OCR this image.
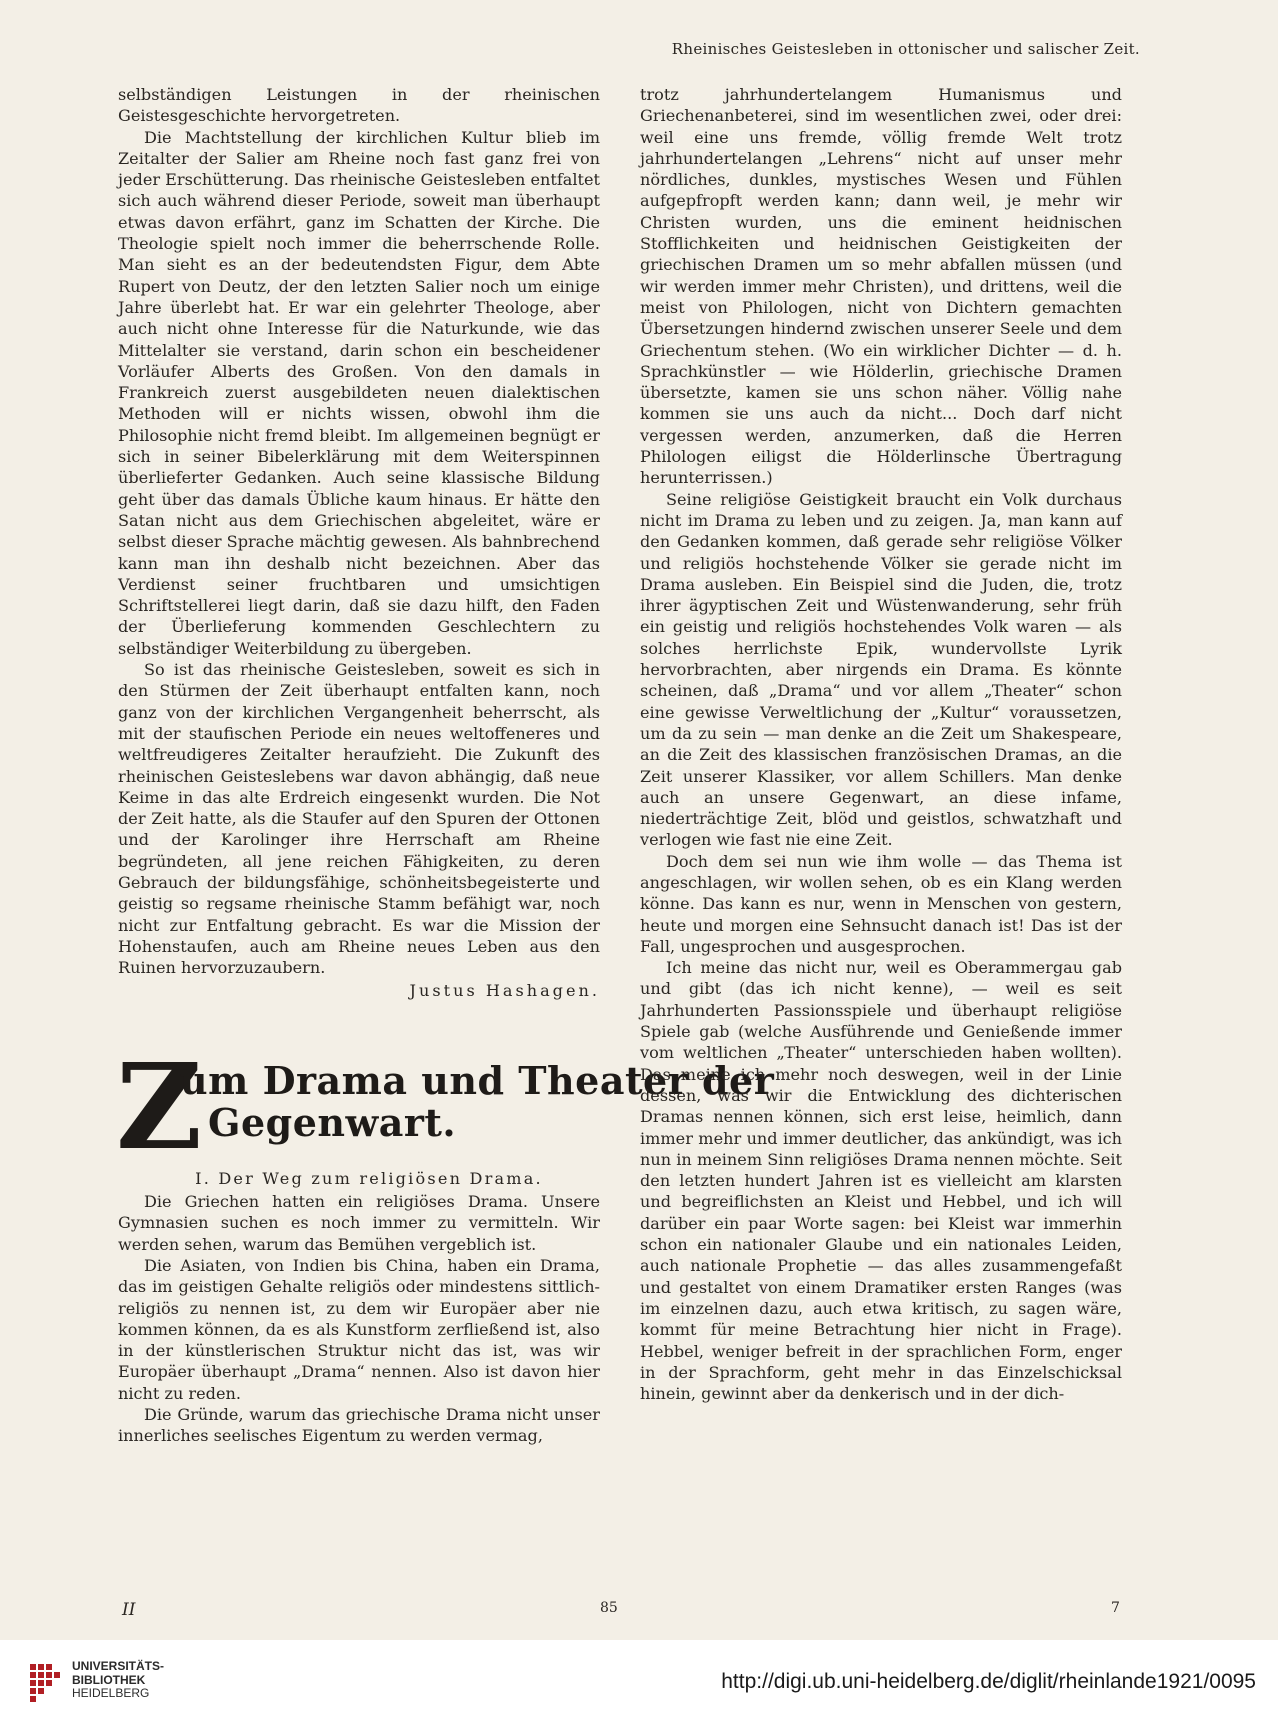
Rheinisches Geistesleben in ottonischer und salischer Zeit.

selbständigen Leistungen in der rheinischen Geistesgeschichte hervorgetreten.

Die Machtstellung der kirchlichen Kultur blieb im Zeitalter der Salier am Rheine noch fast ganz frei von jeder Erschütterung. Das rheinische Geistesleben entfaltet sich auch während dieser Periode, soweit man überhaupt etwas davon erfährt, ganz im Schatten der Kirche. Die Theologie spielt noch immer die beherrschende Rolle. Man sieht es an der bedeutendsten Figur, dem Abte Rupert von Deutz, der den letzten Salier noch um einige Jahre überlebt hat. Er war ein gelehrter Theologe, aber auch nicht ohne Interesse für die Naturkunde, wie das Mittelalter sie verstand, darin schon ein bescheidener Vorläufer Alberts des Großen. Von den damals in Frankreich zuerst ausgebildeten neuen dialektischen Methoden will er nichts wissen, obwohl ihm die Philosophie nicht fremd bleibt. Im allgemeinen begnügt er sich in seiner Bibelerklärung mit dem Weiterspinnen überlieferter Gedanken. Auch seine klassische Bildung geht über das damals Übliche kaum hinaus. Er hätte den Satan nicht aus dem Griechischen abgeleitet, wäre er selbst dieser Sprache mächtig gewesen. Als bahnbrechend kann man ihn deshalb nicht bezeichnen. Aber das Verdienst seiner fruchtbaren und umsichtigen Schriftstellerei liegt darin, daß sie dazu hilft, den Faden der Überlieferung kommenden Geschlechtern zu selbständiger Weiterbildung zu übergeben.

So ist das rheinische Geistesleben, soweit es sich in den Stürmen der Zeit überhaupt entfalten kann, noch ganz von der kirchlichen Vergangenheit beherrscht, als mit der staufischen Periode ein neues weltoffeneres und weltfreudigeres Zeitalter heraufzieht. Die Zukunft des rheinischen Geisteslebens war davon abhängig, daß neue Keime in das alte Erdreich eingesenkt wurden. Die Not der Zeit hatte, als die Staufer auf den Spuren der Ottonen und der Karolinger ihre Herrschaft am Rheine begründeten, all jene reichen Fähigkeiten, zu deren Gebrauch der bildungsfähige, schönheitsbegeisterte und geistig so regsame rheinische Stamm befähigt war, noch nicht zur Entfaltung gebracht. Es war die Mission der Hohenstaufen, auch am Rheine neues Leben aus den Ruinen hervorzuzaubern.

Justus Hashagen.
Z
um Drama und Theater der
Gegenwart.
I. Der Weg zum religiösen Drama.

Die Griechen hatten ein religiöses Drama. Unsere Gymnasien suchen es noch immer zu vermitteln. Wir werden sehen, warum das Bemühen vergeblich ist.

Die Asiaten, von Indien bis China, haben ein Drama, das im geistigen Gehalte religiös oder mindestens sittlich-religiös zu nennen ist, zu dem wir Europäer aber nie kommen können, da es als Kunstform zerfließend ist, also in der künstlerischen Struktur nicht das ist, was wir Europäer überhaupt „Drama“ nennen. Also ist davon hier nicht zu reden.

Die Gründe, warum das griechische Drama nicht unser innerliches seelisches Eigentum zu werden vermag,

trotz jahrhundertelangem Humanismus und Griechenanbeterei, sind im wesentlichen zwei, oder drei: weil eine uns fremde, völlig fremde Welt trotz jahrhundertelangen „Lehrens“ nicht auf unser mehr nördliches, dunkles, mystisches Wesen und Fühlen aufgepfropft werden kann; dann weil, je mehr wir Christen wurden, uns die eminent heidnischen Stofflichkeiten und heidnischen Geistigkeiten der griechischen Dramen um so mehr abfallen müssen (und wir werden immer mehr Christen), und drittens, weil die meist von Philologen, nicht von Dichtern gemachten Übersetzungen hindernd zwischen unserer Seele und dem Griechentum stehen. (Wo ein wirklicher Dichter — d. h. Sprachkünstler — wie Hölderlin, griechische Dramen übersetzte, kamen sie uns schon näher. Völlig nahe kommen sie uns auch da nicht... Doch darf nicht vergessen werden, anzumerken, daß die Herren Philologen eiligst die Hölderlinsche Übertragung herunterrissen.)

Seine religiöse Geistigkeit braucht ein Volk durchaus nicht im Drama zu leben und zu zeigen. Ja, man kann auf den Gedanken kommen, daß gerade sehr religiöse Völker und religiös hochstehende Völker sie gerade nicht im Drama ausleben. Ein Beispiel sind die Juden, die, trotz ihrer ägyptischen Zeit und Wüstenwanderung, sehr früh ein geistig und religiös hochstehendes Volk waren — als solches herrlichste Epik, wundervollste Lyrik hervorbrachten, aber nirgends ein Drama. Es könnte scheinen, daß „Drama“ und vor allem „Theater“ schon eine gewisse Verweltlichung der „Kultur“ voraussetzen, um da zu sein — man denke an die Zeit um Shakespeare, an die Zeit des klassischen französischen Dramas, an die Zeit unserer Klassiker, vor allem Schillers. Man denke auch an unsere Gegenwart, an diese infame, niederträchtige Zeit, blöd und geistlos, schwatzhaft und verlogen wie fast nie eine Zeit.

Doch dem sei nun wie ihm wolle — das Thema ist angeschlagen, wir wollen sehen, ob es ein Klang werden könne. Das kann es nur, wenn in Menschen von gestern, heute und morgen eine Sehnsucht danach ist! Das ist der Fall, ungesprochen und ausgesprochen.

Ich meine das nicht nur, weil es Oberammergau gab und gibt (das ich nicht kenne), — weil es seit Jahrhunderten Passionsspiele und überhaupt religiöse Spiele gab (welche Ausführende und Genießende immer vom weltlichen „Theater“ unterschieden haben wollten). Das meine ich mehr noch deswegen, weil in der Linie dessen, was wir die Entwicklung des dichterischen Dramas nennen können, sich erst leise, heimlich, dann immer mehr und immer deutlicher, das ankündigt, was ich nun in meinem Sinn religiöses Drama nennen möchte. Seit den letzten hundert Jahren ist es vielleicht am klarsten und begreiflichsten an Kleist und Hebbel, und ich will darüber ein paar Worte sagen: bei Kleist war immerhin schon ein nationaler Glaube und ein nationales Leiden, auch nationale Prophetie — das alles zusammengefaßt und gestaltet von einem Dramatiker ersten Ranges (was im einzelnen dazu, auch etwa kritisch, zu sagen wäre, kommt für meine Betrachtung hier nicht in Frage). Hebbel, weniger befreit in der sprachlichen Form, enger in der Sprachform, geht mehr in das Einzelschicksal hinein, gewinnt aber da denkerisch und in der dich-

II	85	7
UNIVERSITÄTS-
BIBLIOTHEK
HEIDELBERG	http://digi.ub.uni-heidelberg.de/diglit/rheinlande1921/0095
